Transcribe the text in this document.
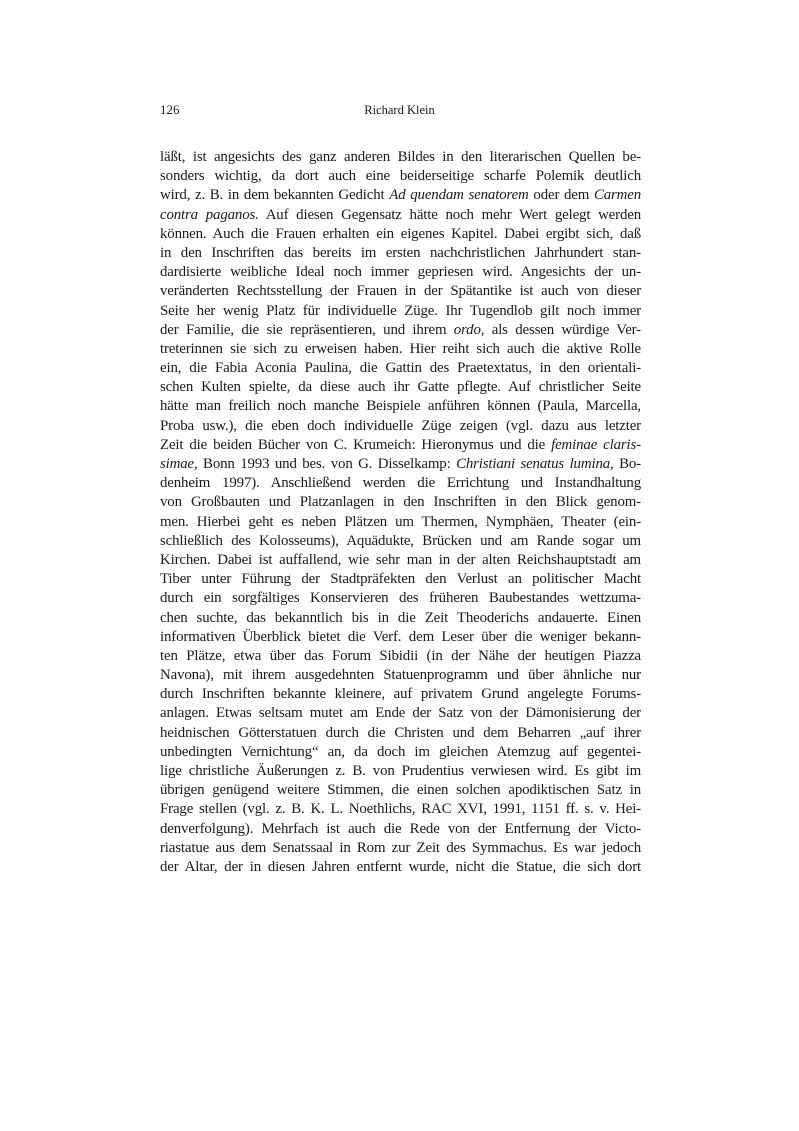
126	Richard Klein
läßt, ist angesichts des ganz anderen Bildes in den literarischen Quellen be-
sonders wichtig, da dort auch eine beiderseitige scharfe Polemik deutlich
wird, z. B. in dem bekannten Gedicht Ad quendam senatorem oder dem Carmen
contra paganos. Auf diesen Gegensatz hätte noch mehr Wert gelegt werden
können. Auch die Frauen erhalten ein eigenes Kapitel. Dabei ergibt sich, daß
in den Inschriften das bereits im ersten nachchristlichen Jahrhundert stan-
dardisierte weibliche Ideal noch immer gepriesen wird. Angesichts der un-
veränderten Rechtsstellung der Frauen in der Spätantike ist auch von dieser
Seite her wenig Platz für individuelle Züge. Ihr Tugendlob gilt noch immer
der Familie, die sie repräsentieren, und ihrem ordo, als dessen würdige Ver-
treterinnen sie sich zu erweisen haben. Hier reiht sich auch die aktive Rolle
ein, die Fabia Aconia Paulina, die Gattin des Praetextatus, in den orientali-
schen Kulten spielte, da diese auch ihr Gatte pflegte. Auf christlicher Seite
hätte man freilich noch manche Beispiele anführen können (Paula, Marcella,
Proba usw.), die eben doch individuelle Züge zeigen (vgl. dazu aus letzter
Zeit die beiden Bücher von C. Krumeich: Hieronymus und die feminae claris-
simae, Bonn 1993 und bes. von G. Disselkamp: Christiani senatus lumina, Bo-
denheim 1997). Anschließend werden die Errichtung und Instandhaltung
von Großbauten und Platzanlagen in den Inschriften in den Blick genom-
men. Hierbei geht es neben Plätzen um Thermen, Nymphäen, Theater (ein-
schließlich des Kolosseums), Aquädukte, Brücken und am Rande sogar um
Kirchen. Dabei ist auffallend, wie sehr man in der alten Reichshauptstadt am
Tiber unter Führung der Stadtpräfekten den Verlust an politischer Macht
durch ein sorgfältiges Konservieren des früheren Baubestandes wettzuma-
chen suchte, das bekanntlich bis in die Zeit Theoderichs andauerte. Einen
informativen Überblick bietet die Verf. dem Leser über die weniger bekann-
ten Plätze, etwa über das Forum Sibidii (in der Nähe der heutigen Piazza
Navona), mit ihrem ausgedehnten Statuenprogramm und über ähnliche nur
durch Inschriften bekannte kleinere, auf privatem Grund angelegte Forums-
anlagen. Etwas seltsam mutet am Ende der Satz von der Dämonisierung der
heidnischen Götterstatuen durch die Christen und dem Beharren „auf ihrer
unbedingten Vernichtung“ an, da doch im gleichen Atemzug auf gegentei-
lige christliche Äußerungen z. B. von Prudentius verwiesen wird. Es gibt im
übrigen genügend weitere Stimmen, die einen solchen apodiktischen Satz in
Frage stellen (vgl. z. B. K. L. Noethlichs, RAC XVI, 1991, 1151 ff. s. v. Hei-
denverfolgung). Mehrfach ist auch die Rede von der Entfernung der Victo-
riastatue aus dem Senatssaal in Rom zur Zeit des Symmachus. Es war jedoch
der Altar, der in diesen Jahren entfernt wurde, nicht die Statue, die sich dort
